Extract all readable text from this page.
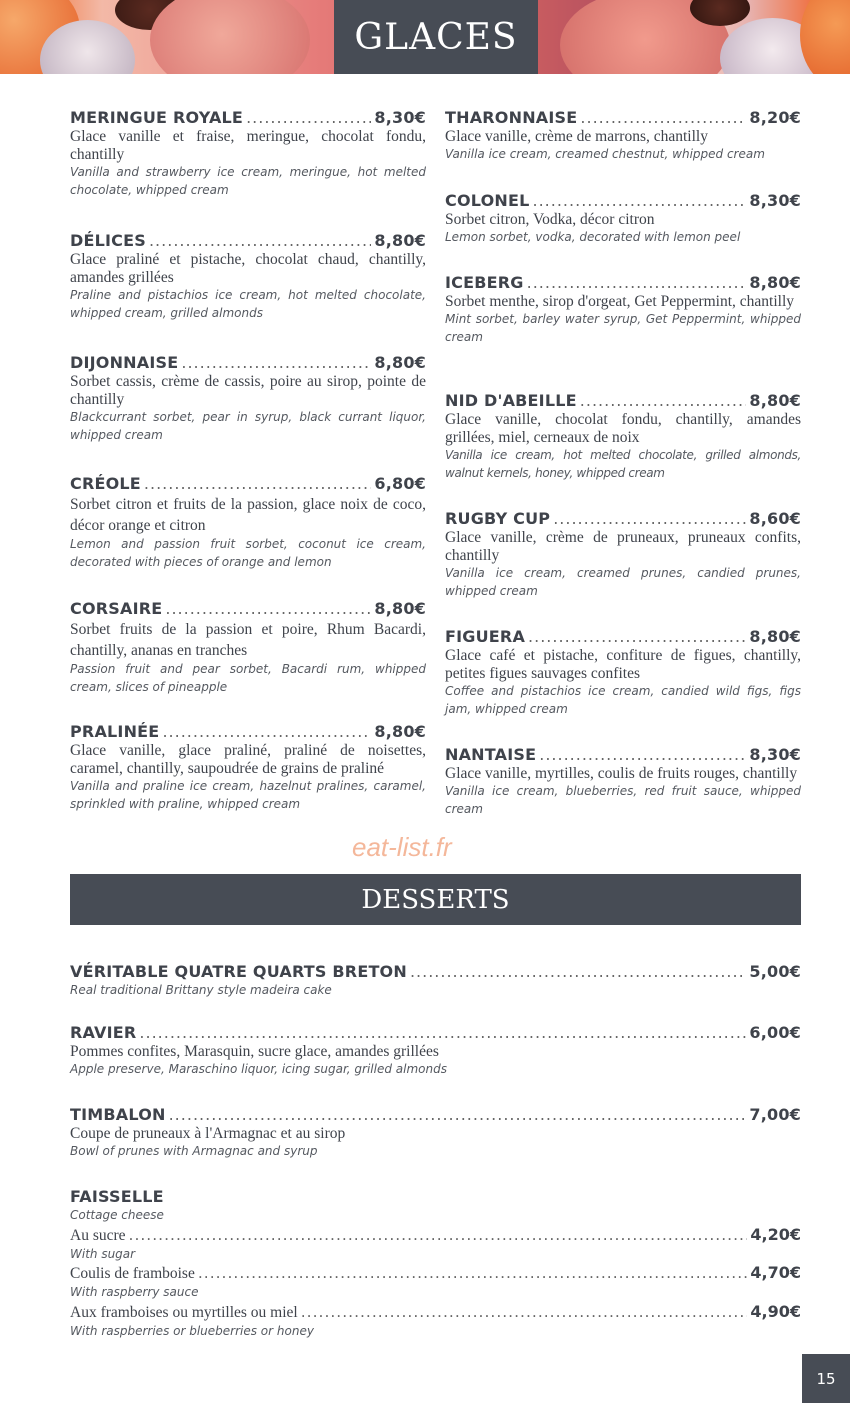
GLACES
MERINGUE ROYALE .....	8,30€
Glace vanille et fraise, meringue, chocolat fondu, chantilly
Vanilla and strawberry ice cream, meringue, hot melted chocolate, whipped cream
DÉLICES .....	8,80€
Glace praliné et pistache, chocolat chaud, chantilly, amandes grillées
Praline and pistachios ice cream, hot melted chocolate, whipped cream, grilled almonds
DIJONNAISE .....	8,80€
Sorbet cassis, crème de cassis, poire au sirop, pointe de chantilly
Blackcurrant sorbet, pear in syrup, black currant liquor, whipped cream
CRÉOLE .....	6,80€
Sorbet citron et fruits de la passion, glace noix de coco, décor orange et citron
Lemon and passion fruit sorbet, coconut ice cream, decorated with pieces of orange and lemon
CORSAIRE .....	8,80€
Sorbet fruits de la passion et poire, Rhum Bacardi, chantilly, ananas en tranches
Passion fruit and pear sorbet, Bacardi rum, whipped cream, slices of pineapple
PRALINÉE .....	8,80€
Glace vanille, glace praliné, praliné de noisettes, caramel, chantilly, saupoudrée de grains de praliné
Vanilla and praline ice cream, hazelnut pralines, caramel, sprinkled with praline, whipped cream
THARONNAISE .....	8,20€
Glace vanille, crème de marrons, chantilly
Vanilla ice cream, creamed chestnut, whipped cream
COLONEL .....	8,30€
Sorbet citron, Vodka, décor citron
Lemon sorbet, vodka, decorated with lemon peel
ICEBERG .....	8,80€
Sorbet menthe, sirop d'orgeat, Get Peppermint, chantilly
Mint sorbet, barley water syrup, Get Peppermint, whipped cream
NID D'ABEILLE .....	8,80€
Glace vanille, chocolat fondu, chantilly, amandes grillées, miel, cerneaux de noix
Vanilla ice cream, hot melted chocolate, grilled almonds, walnut kernels, honey, whipped cream
RUGBY CUP .....	8,60€
Glace vanille, crème de pruneaux, pruneaux confits, chantilly
Vanilla ice cream, creamed prunes, candied prunes, whipped cream
FIGUERA .....	8,80€
Glace café et pistache, confiture de figues, chantilly, petites figues sauvages confites
Coffee and pistachios ice cream, candied wild figs, figs jam, whipped cream
NANTAISE .....	8,30€
Glace vanille, myrtilles, coulis de fruits rouges, chantilly
Vanilla ice cream, blueberries, red fruit sauce, whipped cream
eat-list.fr
DESSERTS
VÉRITABLE QUATRE QUARTS BRETON .....	5,00€
Real traditional Brittany style madeira cake
RAVIER .....	6,00€
Pommes confites, Marasquin, sucre glace, amandes grillées
Apple preserve, Maraschino liquor, icing sugar, grilled almonds
TIMBALON .....	7,00€
Coupe de pruneaux à l'Armagnac et au sirop
Bowl of prunes with Armagnac and syrup
FAISSELLE
Cottage cheese
Au sucre .....	4,20€
With sugar
Coulis de framboise .....	4,70€
With raspberry sauce
Aux framboises ou myrtilles ou miel .....	4,90€
With raspberries or blueberries or honey
15
